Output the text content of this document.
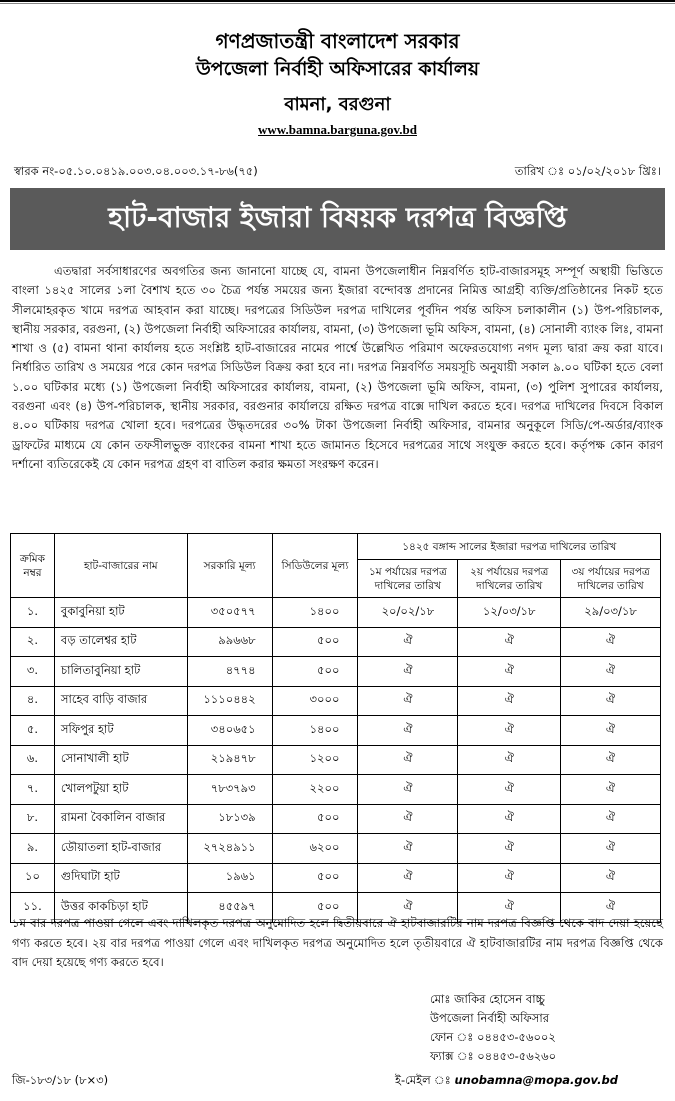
গণপ্রজাতন্ত্রী বাংলাদেশ সরকার
উপজেলা নির্বাহী অফিসারের কার্যালয়
বামনা, বরগুনা
www.bamna.barguna.gov.bd
স্বারক নং-০৫.১০.০৪১৯.০০৩.০৪.০০৩.১৭-৮৬(৭৫)	তারিখ ঃ ০১/০২/২০১৮ খ্রিঃ।
হাট-বাজার ইজারা বিষয়ক দরপত্র বিজ্ঞপ্তি

এতদ্বারা সর্বসাধারণের অবগতির জন্য জানানো যাচ্ছে যে, বামনা উপজেলাধীন নিম্নবর্ণিত হাট-বাজারসমূহ সম্পূর্ণ অস্থায়ী ভিত্তিতে বাংলা ১৪২৫ সালের ১লা বৈশাখ হতে ৩০ চৈত্র পর্যন্ত সময়ের জন্য ইজারা বন্দোবস্ত প্রদানের নিমিত্ত আগ্রহী ব্যক্তি/প্রতিষ্ঠানের নিকট হতে সীলমোহরকৃত খামে দরপত্র আহবান করা যাচ্ছে। দরপত্রের সিডিউল দরপত্র দাখিলের পূর্বদিন পর্যন্ত অফিস চলাকালীন (১) উপ-পরিচালক, স্থানীয় সরকার, বরগুনা, (২) উপজেলা নির্বাহী অফিসারের কার্যালয়, বামনা, (৩) উপজেলা ভূমি অফিস, বামনা, (৪) সোনালী ব্যাংক লিঃ, বামনা শাখা ও (৫) বামনা থানা কার্যালয় হতে সংশ্লিষ্ট হাট-বাজারের নামের পার্শ্বে উল্লেখিত পরিমাণ অফেরতযোগ্য নগদ মূল্য দ্বারা ক্রয় করা যাবে। নির্ধারিত তারিখ ও সময়ের পরে কোন দরপত্র সিডিউল বিক্রয় করা হবে না। দরপত্র নিম্নবর্ণিত সময়সূচি অনুযায়ী সকাল ৯.০০ ঘটিকা হতে বেলা ১.০০ ঘটিকার মধ্যে (১) উপজেলা নির্বাহী অফিসারের কার্যালয়, বামনা, (২) উপজেলা ভূমি অফিস, বামনা, (৩) পুলিশ সুপারের কার্যালয়, বরগুনা এবং (৪) উপ-পরিচালক, স্থানীয় সরকার, বরগুনার কার্যালয়ে রক্ষিত দরপত্র বাক্সে দাখিল করতে হবে। দরপত্র দাখিলের দিবসে বিকাল ৪.০০ ঘটিকায় দরপত্র খোলা হবে। দরপত্রের উদ্ধৃতদরের ৩০% টাকা উপজেলা নির্বাহী অফিসার, বামনার অনুকূলে সিডি/পে-অর্ডার/ব্যাংক ড্রাফটের মাধ্যমে যে কোন তফসীলভুক্ত ব্যাংকের বামনা শাখা হতে জামানত হিসেবে দরপত্রের সাথে সংযুক্ত করতে হবে। কর্তৃপক্ষ কোন কারণ দর্শানো ব্যতিরেকেই যে কোন দরপত্র গ্রহণ বা বাতিল করার ক্ষমতা সংরক্ষণ করেন।

ক্রমিক নম্বর	হাট-বাজারের নাম	সরকারি মূল্য	সিডিউলের মূল্য	১৪২৫ বঙ্গাব্দ সালের ইজারা দরপত্র দাখিলের তারিখ		
				১ম পর্যায়ের দরপত্র দাখিলের তারিখ	২য় পর্যায়ের দরপত্র দাখিলের তারিখ	৩য় পর্যায়ের দরপত্র দাখিলের তারিখ
১.	বুকাবুনিয়া হাট	৩৫০৫৭৭	১৪০০	২০/০২/১৮	১২/০৩/১৮	২৯/০৩/১৮
২.	বড় তালেশ্বর হাট	৯৯৬৬৮	৫০০	ঐ	ঐ	ঐ
৩.	চালিতাবুনিয়া হাট	৪৭৭৪	৫০০	ঐ	ঐ	ঐ
৪.	সাহেব বাড়ি বাজার	১১১০৪৪২	৩০০০	ঐ	ঐ	ঐ
৫.	সফিপুর হাট	৩৪০৬৫১	১৪০০	ঐ	ঐ	ঐ
৬.	সোনাখালী হাট	২১৯৪৭৮	১২০০	ঐ	ঐ	ঐ
৭.	খোলপটুয়া হাট	৭৮৩৭৯৩	২২০০	ঐ	ঐ	ঐ
৮.	রামনা বৈকালিন বাজার	১৮১৩৯	৫০০	ঐ	ঐ	ঐ
৯.	ডৌয়াতলা হাট-বাজার	২৭২৪৯১১	৬২০০	ঐ	ঐ	ঐ
১০	গুদিঘাটা হাট	১৯৬১	৫০০	ঐ	ঐ	ঐ
১১.	উত্তর কাকচিড়া হাট	৪৫৫৯৭	৫০০	ঐ	ঐ	ঐ

১ম বার দরপত্র পাওয়া গেলে এবং দাখিলকৃত দরপত্র অনুমোদিত হলে দ্বিতীয়বারে ঐ হাটবাজারটির নাম দরপত্র বিজ্ঞপ্তি থেকে বাদ দেয়া হয়েছে গণ্য করতে হবে। ২য় বার দরপত্র পাওয়া গেলে এবং দাখিলকৃত দরপত্র অনুমোদিত হলে তৃতীয়বারে ঐ হাটবাজারটির নাম দরপত্র বিজ্ঞপ্তি থেকে বাদ দেয়া হয়েছে গণ্য করতে হবে।

মোঃ জাকির হোসেন বাচ্চু
উপজেলা নির্বাহী অফিসার
ফোন ঃ ০৪৪৫৩-৫৬০০২
ফ্যাক্স ঃ ০৪৪৫৩-৫৬২৬০
জি-১৮৩/১৮ (৮×৩)	ই-মেইল ঃ unobamna@mopa.gov.bd
